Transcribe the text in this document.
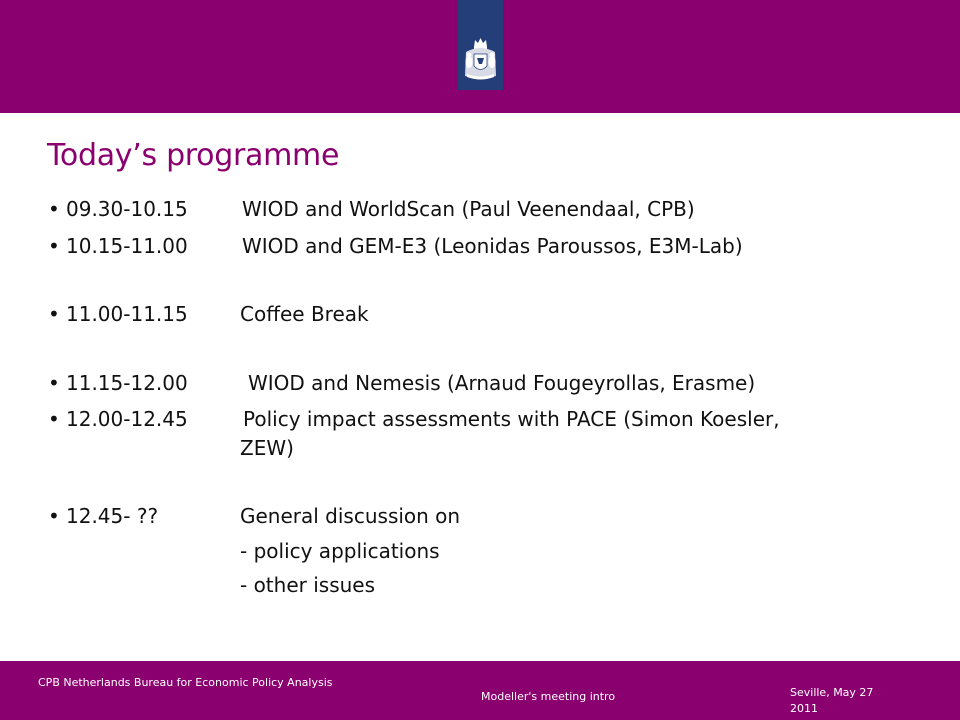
Today’s programme
• 09.30-10.15	WIOD and WorldScan (Paul Veenendaal, CPB)
• 10.15-11.00	WIOD and GEM-E3 (Leonidas Paroussos, E3M-Lab)
• 11.00-11.15	Coffee Break
• 11.15-12.00	WIOD and Nemesis (Arnaud Fougeyrollas, Erasme)
• 12.00-12.45	Policy impact assessments with PACE (Simon Koesler,
ZEW)
• 12.45- ??	General discussion on
- policy applications
- other issues
CPB Netherlands Bureau for Economic Policy Analysis
Modeller's meeting intro	Seville, May 27
2011
